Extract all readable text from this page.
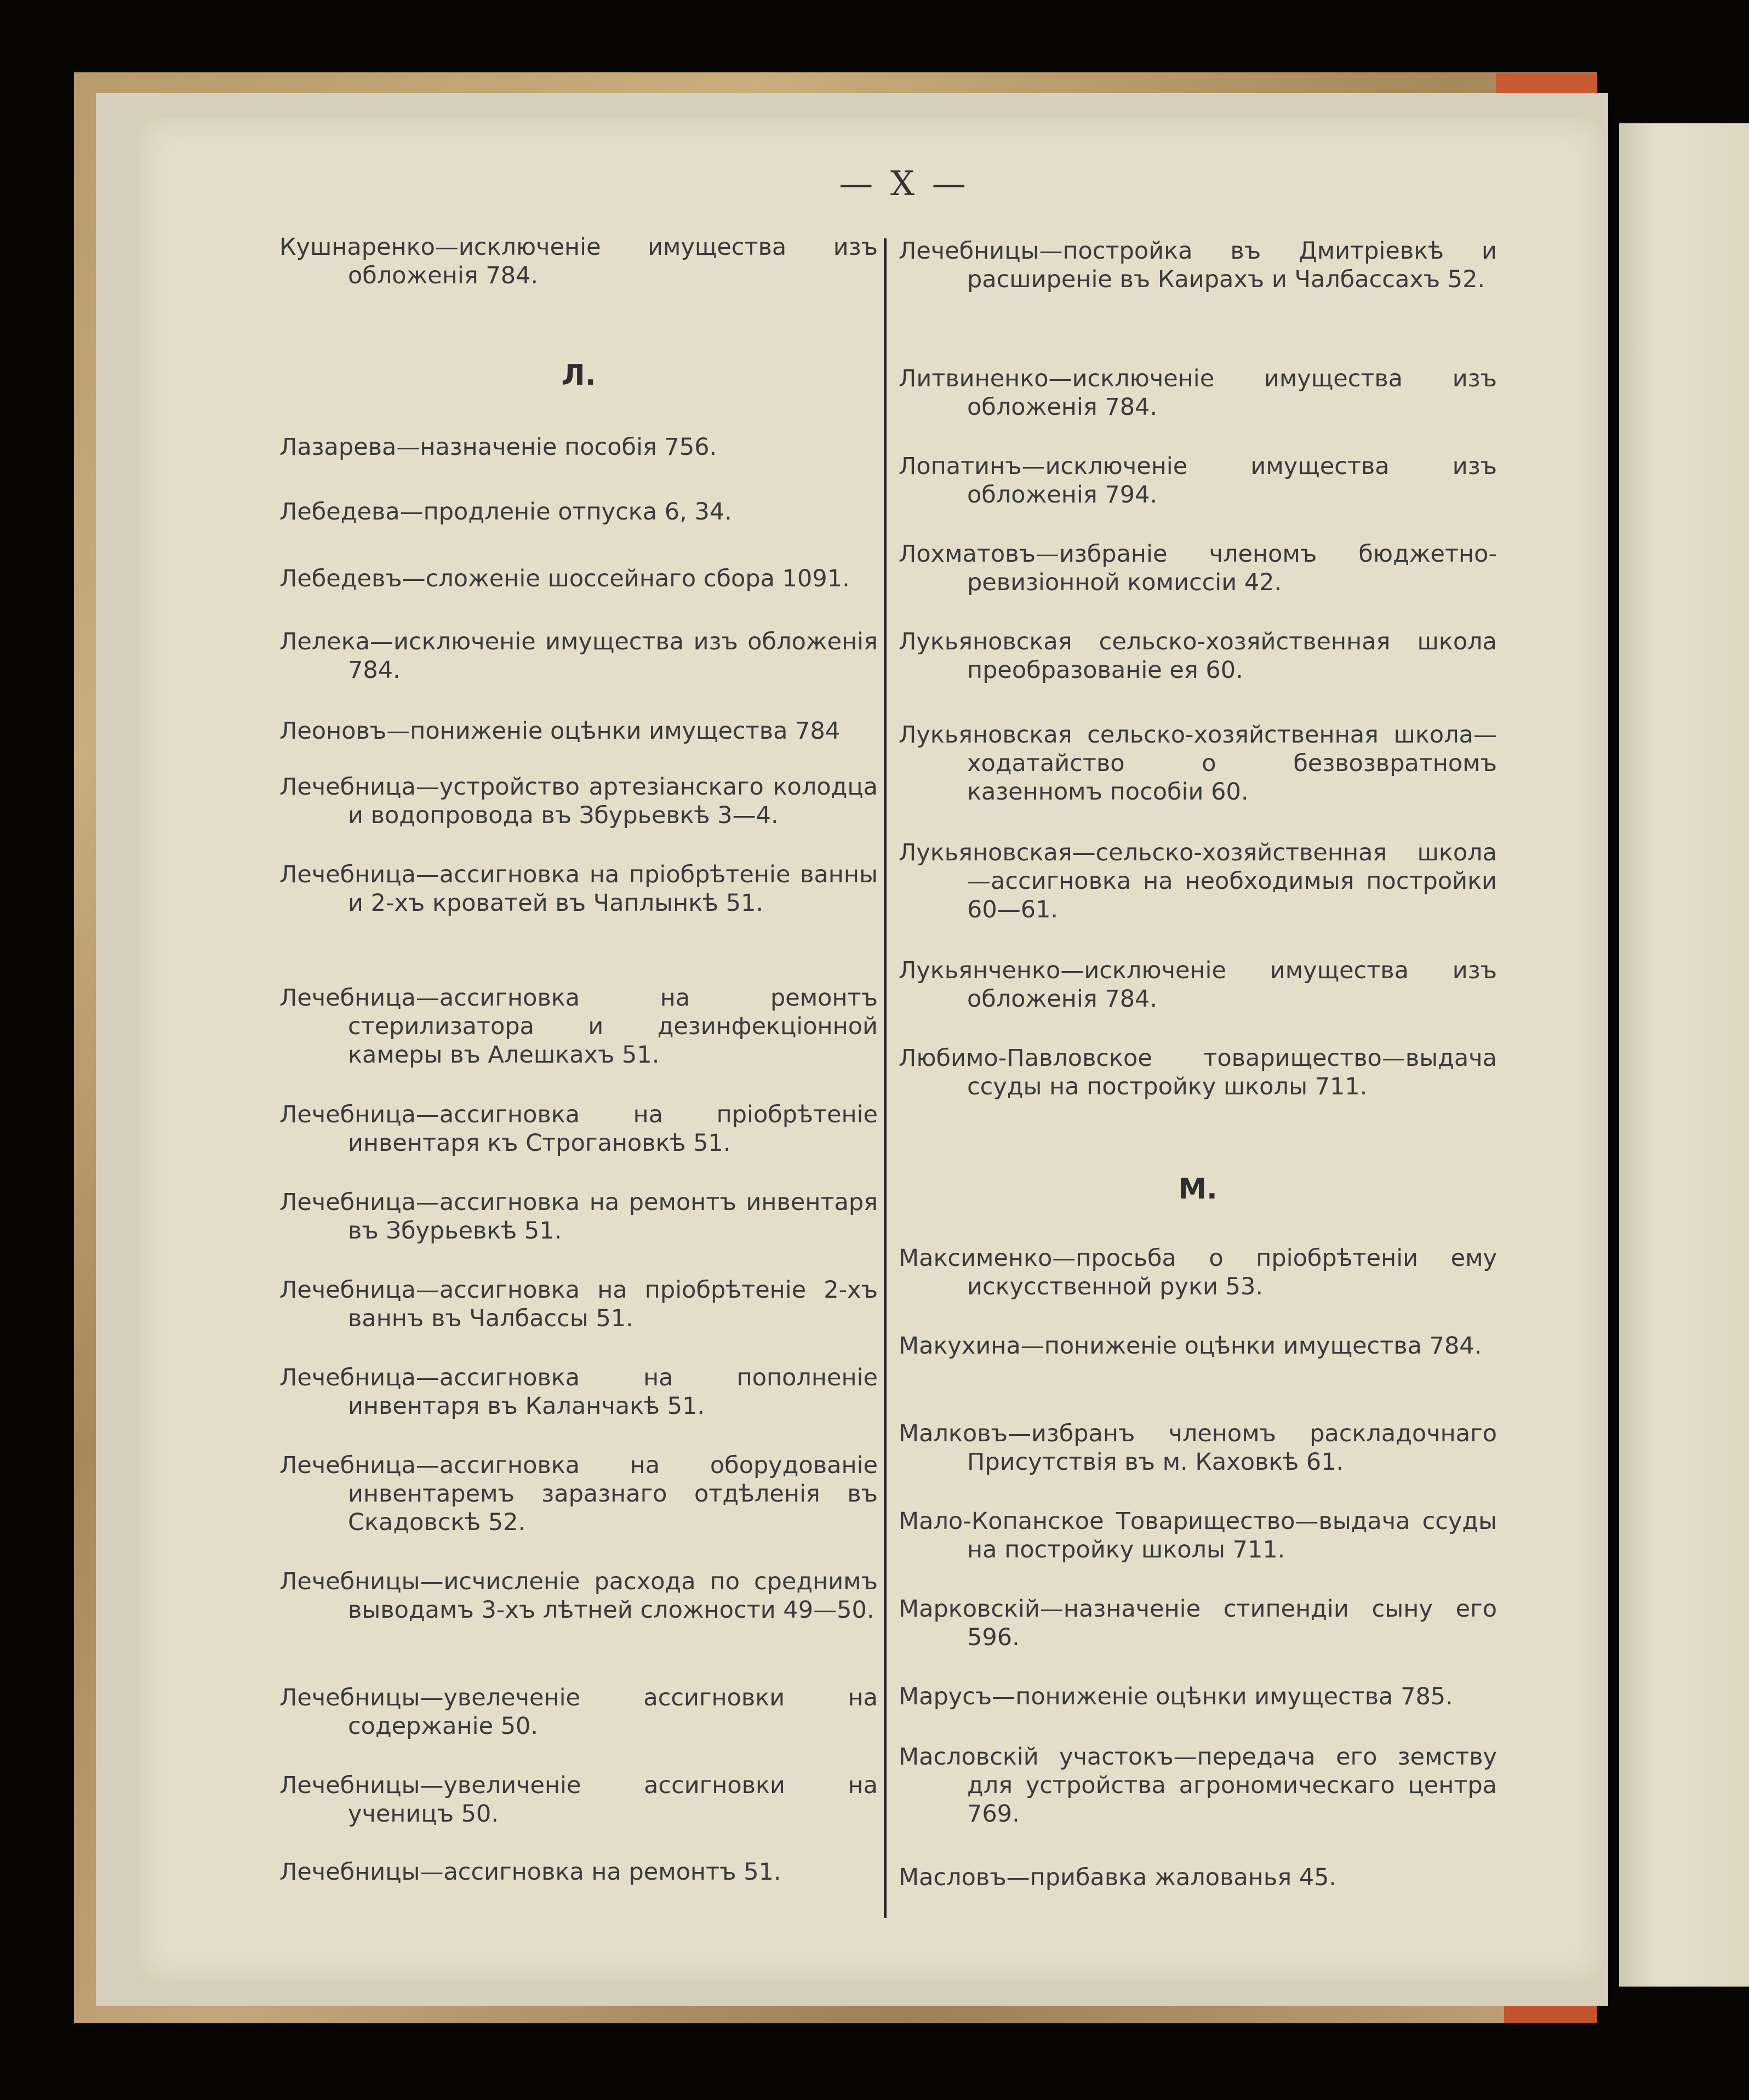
— X —
Кушнаренко—исключеніе имущества изъ обложенія 784.
Л.
Лазарева—назначеніе пособія 756.
Лебедева—продленіе отпуска 6, 34.
Лебедевъ—сложеніе шоссейнаго сбора 1091.
Лелека—исключеніе имущества изъ обложенія 784.
Леоновъ—пониженіе оцѣнки имущества 784
Лечебница—устройство артезіанскаго колодца и водопровода въ Збурьевкѣ 3—4.
Лечебница—ассигновка на пріобрѣтеніе ванны и 2-хъ кроватей въ Чаплынкѣ 51.
Лечебница—ассигновка на ремонтъ стерилизатора и дезинфекціонной камеры въ Алешкахъ 51.
Лечебница—ассигновка на пріобрѣтеніе инвентаря къ Строгановкѣ 51.
Лечебница—ассигновка на ремонтъ инвентаря въ Збурьевкѣ 51.
Лечебница—ассигновка на пріобрѣтеніе 2-хъ ваннъ въ Чалбассы 51.
Лечебница—ассигновка на пополненіе инвентаря въ Каланчакѣ 51.
Лечебница—ассигновка на оборудованіе инвентаремъ заразнаго отдѣленія въ Скадовскѣ 52.
Лечебницы—исчисленіе расхода по среднимъ выводамъ 3-хъ лѣтней сложности 49—50.
Лечебницы—увелеченіе ассигновки на содержаніе 50.
Лечебницы—увеличеніе ассигновки на ученицъ 50.
Лечебницы—ассигновка на ремонтъ 51.
Лечебницы—постройка въ Дмитріевкѣ и расширеніе въ Каирахъ и Чалбасcахъ 52.
Литвиненко—исключеніе имущества изъ обложенія 784.
Лопатинъ—исключеніе имущества изъ обложенія 794.
Лохматовъ—избраніе членомъ бюджетно-ревизіонной комиссіи 42.
Лукьяновская сельско-хозяйственная школа преобразованіе ея 60.
Лукьяновская сельско-хозяйственная школа—ходатайство о безвозвратномъ казенномъ пособіи 60.
Лукьяновская—сельско-хозяйственная школа—ассигновка на необходимыя постройки 60—61.
Лукьянченко—исключеніе имущества изъ обложенія 784.
Любимо-Павловское товарищество—выдача ссуды на постройку школы 711.
М.
Максименко—просьба о пріобрѣтеніи ему искусственной руки 53.
Макухина—пониженіе оцѣнки имущества 784.
Малковъ—избранъ членомъ раскладочнаго Присутствія въ м. Каховкѣ 61.
Мало-Копанское Товарищество—выдача ссуды на постройку школы 711.
Марковскій—назначеніе стипендіи сыну его 596.
Марусъ—пониженіе оцѣнки имущества 785.
Масловскій участокъ—передача его земству для устройства агрономическаго центра 769.
Масловъ—прибавка жалованья 45.
